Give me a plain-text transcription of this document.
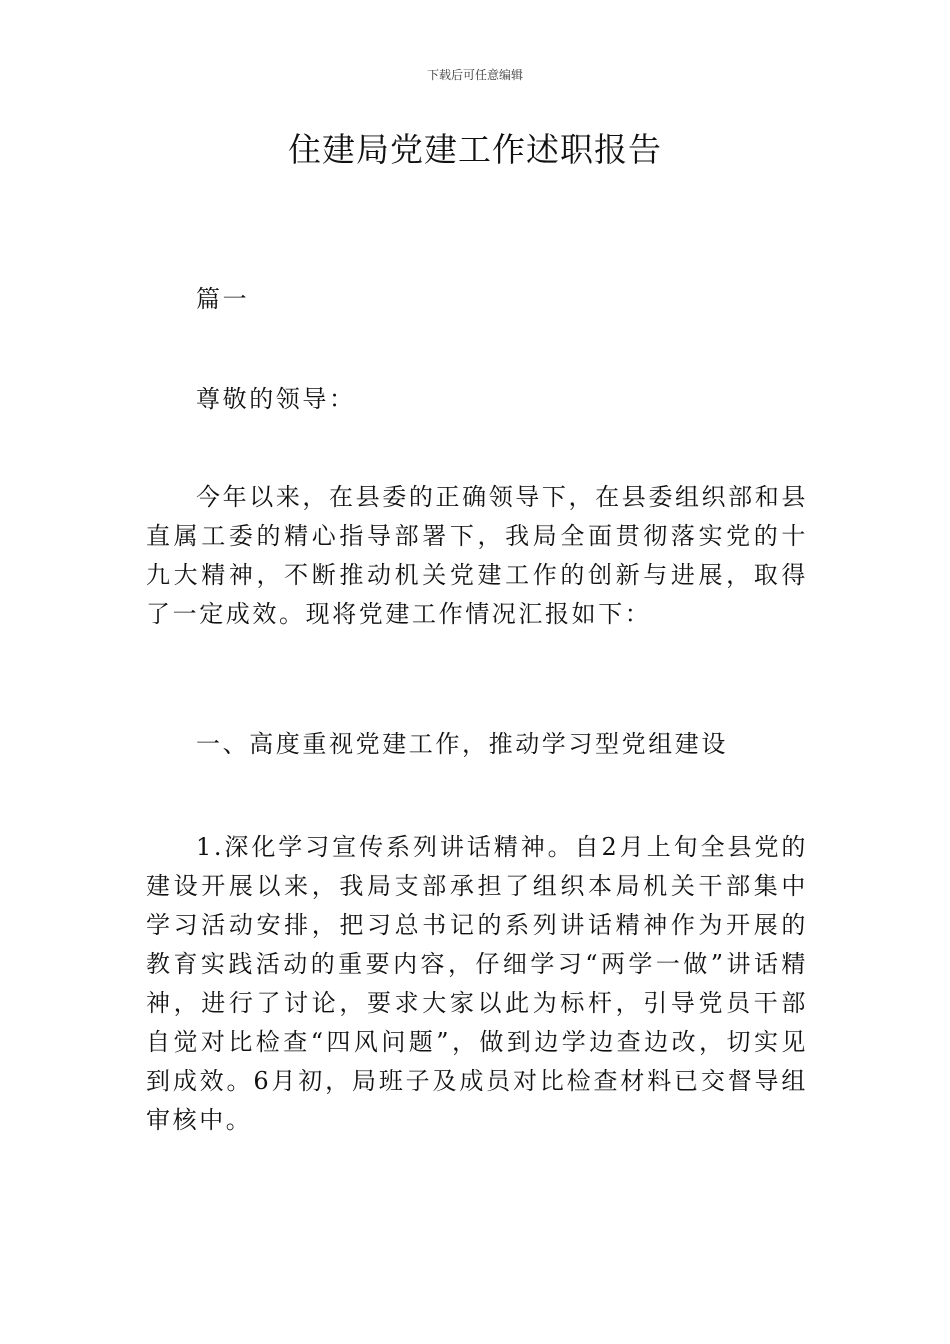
下载后可任意编辑
住建局党建工作述职报告

篇一

尊敬的领导：

今年以来，在县委的正确领导下，在县委组织部和县直属工委的精心指导部署下，我局全面贯彻落实党的十九大精神，不断推动机关党建工作的创新与进展，取得了一定成效。现将党建工作情况汇报如下：

一、高度重视党建工作，推动学习型党组建设

1.深化学习宣传系列讲话精神。自2月上旬全县党的建设开展以来，我局支部承担了组织本局机关干部集中学习活动安排，把习总书记的系列讲话精神作为开展的教育实践活动的重要内容，仔细学习“两学一做”讲话精神，进行了讨论，要求大家以此为标杆，引导党员干部自觉对比检查“四风问题”，做到边学边查边改，切实见到成效。6月初，局班子及成员对比检查材料已交督导组审核中。
